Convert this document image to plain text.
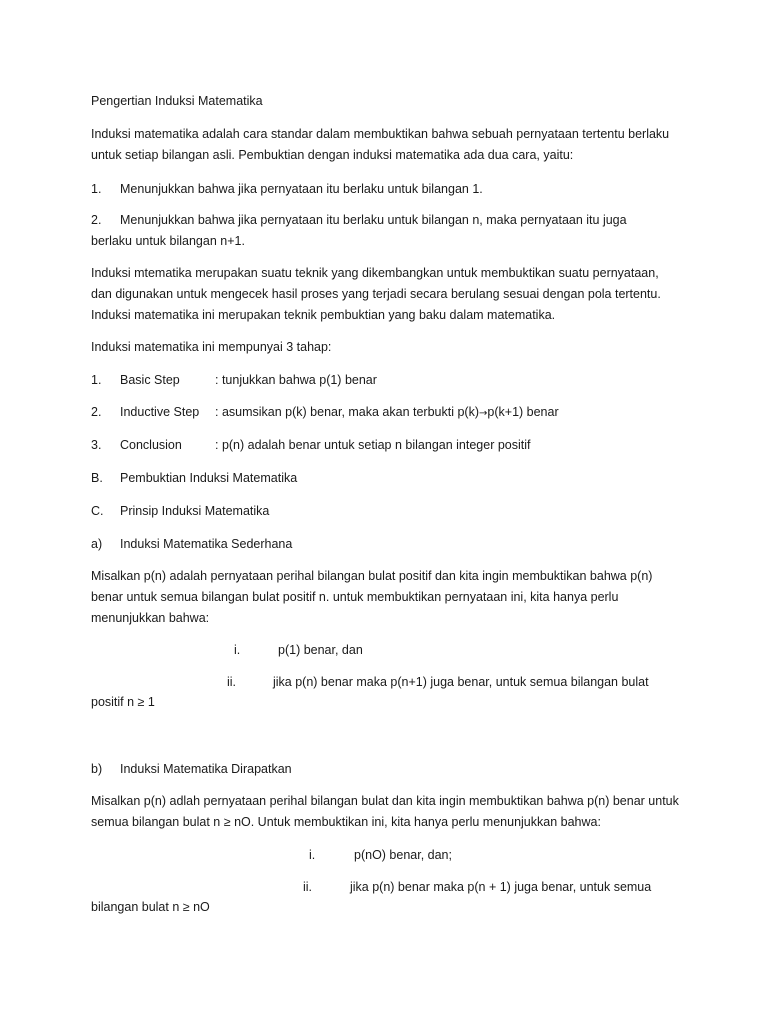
Pengertian Induksi Matematika

Induksi matematika adalah cara standar dalam membuktikan bahwa sebuah pernyataan tertentu berlaku untuk setiap bilangan asli. Pembuktian dengan induksi matematika ada dua cara, yaitu:

1. Menunjukkan bahwa jika pernyataan itu berlaku untuk bilangan 1.

2. Menunjukkan bahwa jika pernyataan itu berlaku untuk bilangan n, maka pernyataan itu juga
berlaku untuk bilangan n+1.

Induksi mtematika merupakan suatu teknik yang dikembangkan untuk membuktikan suatu pernyataan, dan digunakan untuk mengecek hasil proses yang terjadi secara berulang sesuai dengan pola tertentu. Induksi matematika ini merupakan teknik pembuktian yang baku dalam matematika.

Induksi matematika ini mempunyai 3 tahap:

1. Basic Step	: tunjukkan bahwa p(1) benar

2. Inductive Step : asumsikan p(k) benar, maka akan terbukti p(k)→p(k+1) benar

3. Conclusion	: p(n) adalah benar untuk setiap n bilangan integer positif

B. Pembuktian Induksi Matematika

C. Prinsip Induksi Matematika

a) Induksi Matematika Sederhana

Misalkan p(n) adalah pernyataan perihal bilangan bulat positif dan kita ingin membuktikan bahwa p(n) benar untuk semua bilangan bulat positif n. untuk membuktikan pernyataan ini, kita hanya perlu menunjukkan bahwa:

i.	p(1) benar, dan
ii.	jika p(n) benar maka p(n+1) juga benar, untuk semua bilangan bulat

positif n ≥ 1

b) Induksi Matematika Dirapatkan

Misalkan p(n) adlah pernyataan perihal bilangan bulat dan kita ingin membuktikan bahwa p(n) benar untuk semua bilangan bulat n ≥ nO. Untuk membuktikan ini, kita hanya perlu menunjukkan bahwa:

i.	p(nO) benar, dan;
ii.	jika p(n) benar maka p(n + 1) juga benar, untuk semua

bilangan bulat n ≥ nO
